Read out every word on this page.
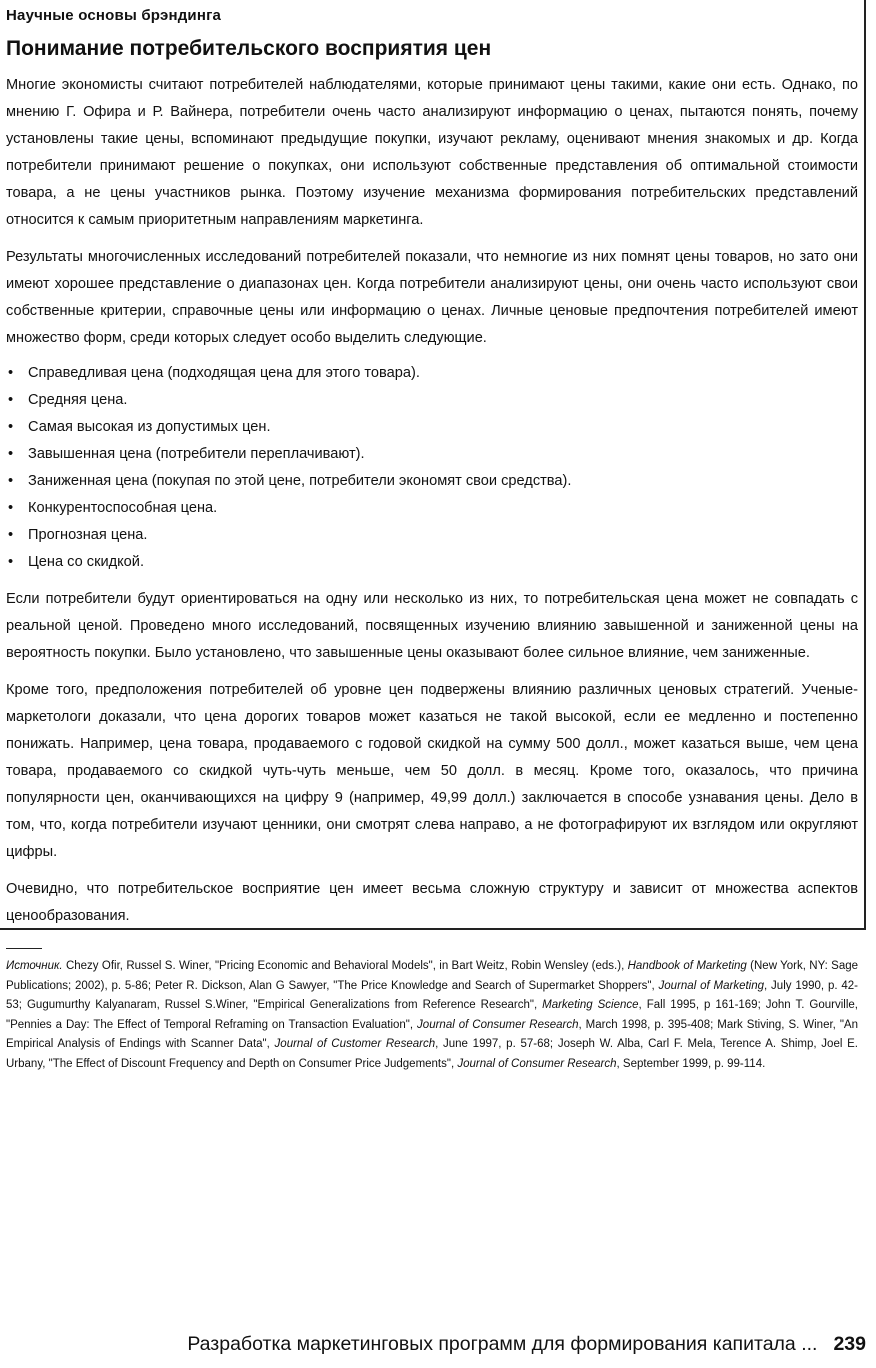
Научные основы брэндинга
Понимание потребительского восприятия цен

Многие экономисты считают потребителей наблюдателями, которые принимают цены такими, какие они есть. Однако, по мнению Г. Офира и Р. Вайнера, потребители очень часто анализируют информацию о ценах, пытаются понять, почему установлены такие цены, вспоминают предыдущие покупки, изучают рекламу, оценивают мнения знакомых и др. Когда потребители принимают решение о покупках, они используют собственные представления об оптимальной стоимости товара, а не цены участников рынка. Поэтому изучение механизма формирования потребительских представлений относится к самым приоритетным направлениям маркетинга.

Результаты многочисленных исследований потребителей показали, что немногие из них помнят цены товаров, но зато они имеют хорошее представление о диапазонах цен. Когда потребители анализируют цены, они очень часто используют свои собственные критерии, справочные цены или информацию о ценах. Личные ценовые предпочтения потребителей имеют множество форм, среди которых следует особо выделить следующие.

• Справедливая цена (подходящая цена для этого товара).
• Средняя цена.
• Самая высокая из допустимых цен.
• Завышенная цена (потребители переплачивают).
• Заниженная цена (покупая по этой цене, потребители экономят свои средства).
• Конкурентоспособная цена.
• Прогнозная цена.
• Цена со скидкой.

Если потребители будут ориентироваться на одну или несколько из них, то потребительская цена может не совпадать с реальной ценой. Проведено много исследований, посвященных изучению влиянию завышенной и заниженной цены на вероятность покупки. Было установлено, что завышенные цены оказывают более сильное влияние, чем заниженные.

Кроме того, предположения потребителей об уровне цен подвержены влиянию различных ценовых стратегий. Ученые-маркетологи доказали, что цена дорогих товаров может казаться не такой высокой, если ее медленно и постепенно понижать. Например, цена товара, продаваемого с годовой скидкой на сумму 500 долл., может казаться выше, чем цена товара, продаваемого со скидкой чуть-чуть меньше, чем 50 долл. в месяц. Кроме того, оказалось, что причина популярности цен, оканчивающихся на цифру 9 (например, 49,99 долл.) заключается в способе узнавания цены. Дело в том, что, когда потребители изучают ценники, они смотрят слева направо, а не фотографируют их взглядом или округляют цифры.

Очевидно, что потребительское восприятие цен имеет весьма сложную структуру и зависит от множества аспектов ценообразования.

Источник. Chezy Ofir, Russel S. Winer, "Pricing Economic and Behavioral Models", in Bart Weitz, Robin Wensley (eds.), Handbook of Marketing (New York, NY: Sage Publications; 2002), p. 5-86; Peter R. Dickson, Alan G Sawyer, "The Price Knowledge and Search of Supermarket Shoppers", Journal of Marketing, July 1990, p. 42-53; Gugumurthy Kalyanaram, Russel S.Winer, "Empirical Generalizations from Reference Research", Marketing Science, Fall 1995, p 161-169; John T. Gourville, "Pennies a Day: The Effect of Temporal Reframing on Transaction Evaluation", Journal of Consumer Research, March 1998, p. 395-408; Mark Stiving, S. Winer, "An Empirical Analysis of Endings with Scanner Data", Journal of Customer Research, June 1997, p. 57-68; Joseph W. Alba, Carl F. Mela, Terence A. Shimp, Joel E. Urbany, "The Effect of Discount Frequency and Depth on Consumer Price Judgements", Journal of Consumer Research, September 1999, p. 99-114.

Разработка маркетинговых программ для формирования капитала ... 239
